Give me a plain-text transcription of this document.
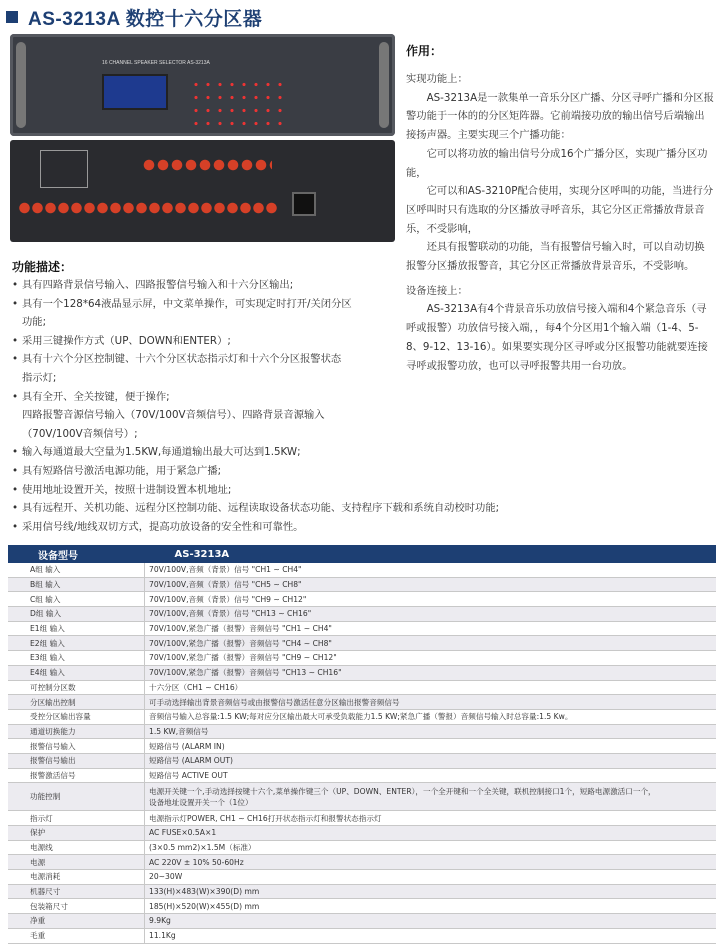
AS-3213A 数控十六分区器
16 CHANNEL SPEAKER SELECTOR AS-3213A
作用：

实现功能上：

AS-3213A是一款集单一音乐分区广播、分区寻呼广播和分区报警功能于一体的的分区矩阵器。它前端接功放的输出信号后端输出接扬声器。主要实现三个广播功能：

它可以将功放的输出信号分成16个广播分区，实现广播分区功能，

它可以和AS-3210P配合使用，实现分区呼叫的功能，当进行分区呼叫时只有选取的分区播放寻呼音乐，其它分区正常播放背景音乐，不受影响，

还具有报警联动的功能，当有报警信号输入时，可以自动切换报警分区播放报警音，其它分区正常播放背景音乐，不受影响。

设备连接上：

AS-3213A有4个背景音乐功放信号接入端和4个紧急音乐（寻呼或报警）功放信号接入端，，每4个分区用1个输入端（1-4、5-8、9-12、13-16）。如果要实现分区寻呼或分区报警功能就要连接寻呼或报警功放，也可以寻呼报警共用一台功放。

功能描述：
• 具有四路背景信号输入、四路报警信号输入和十六分区输出;
• 具有一个128*64液晶显示屏，中文菜单操作，可实现定时打开/关闭分区
功能;
• 采用三键操作方式（UP、DOWN和ENTER）;
• 具有十六个分区控制键、十六个分区状态指示灯和十六个分区报警状态
指示灯;
• 具有全开、全关按键，便于操作;
四路报警音源信号输入（70V/100V音频信号）、四路背景音源输入
（70V/100V音频信号）;
• 输入每通道最大空量为1.5KW,每通道输出最大可达到1.5KW;
• 具有短路信号激活电源功能，用于紧急广播;
• 使用地址设置开关，按照十进制设置本机地址;
• 具有远程开、关机功能、远程分区控制功能、远程读取设备状态功能、支持程序下载和系统自动校时功能;
• 采用信号线/地线双切方式，提高功放设备的安全性和可靠性。
设备型号	AS-3213A
A组 输入	70V/100V,音频（背景）信号 "CH1 ~ CH4"
B组 输入	70V/100V,音频（背景）信号 "CH5 ~ CH8"
C组 输入	70V/100V,音频（背景）信号 "CH9 ~ CH12"
D组 输入	70V/100V,音频（背景）信号 "CH13 ~ CH16"
E1组 输入	70V/100V,紧急广播（报警）音频信号 "CH1 ~ CH4"
E2组 输入	70V/100V,紧急广播（报警）音频信号 "CH4 ~ CH8"
E3组 输入	70V/100V,紧急广播（报警）音频信号 "CH9 ~ CH12"
E4组 输入	70V/100V,紧急广播（报警）音频信号 "CH13 ~ CH16"
可控制分区数	十六分区（CH1 ~ CH16）
分区输出控制	可手动选择输出背景音频信号或由报警信号激活任意分区输出报警音频信号
受控分区输出容量	音频信号输入总容量:1.5 KW;每对应分区输出最大可承受负载能力1.5 KW;紧急广播（警报）音频信号输入时总容量:1.5 Kw。
通道切换能力	1.5 KW,音频信号
报警信号输入	短路信号 (ALARM IN)
报警信号输出	短路信号 (ALARM OUT)
报警激活信号	短路信号 ACTIVE OUT
功能控制	电源开关键一个,手动选择按键十六个,菜单操作键三个（UP、DOWN、ENTER），一个全开键和一个全关键，联机控制接口1个，短路电源激活口一个，
设备地址设置开关一个（1位）

指示灯	电源指示灯POWER, CH1 ~ CH16打开状态指示灯和报警状态指示灯
保护	AC FUSE×0.5A×1
电源线	(3×0.5 mm2)×1.5M（标准）
电源	AC 220V ± 10% 50-60Hz
电源消耗	20~30W
机器尺寸	133(H)×483(W)×390(D) mm
包装箱尺寸	185(H)×520(W)×455(D) mm
净重	9.9Kg
毛重	11.1Kg
